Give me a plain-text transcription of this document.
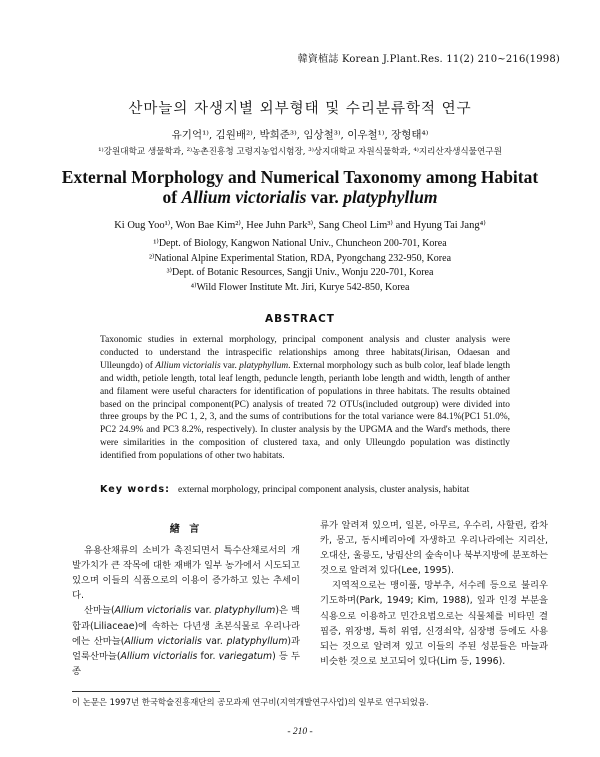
韓資植誌 Korean J.Plant.Res. 11(2) 210~216(1998)
산마늘의 자생지별 외부형태 및 수리분류학적 연구
유기억¹⁾, 김원배²⁾, 박희준³⁾, 임상철³⁾, 이우철¹⁾, 장형태⁴⁾
¹⁾강원대학교 생물학과, ²⁾농촌진흥청 고령지농업시험장, ³⁾상지대학교 자원식물학과, ⁴⁾지리산자생식물연구원
External Morphology and Numerical Taxonomy among Habitat
of Allium victorialis var. platyphyllum
Ki Oug Yoo¹⁾, Won Bae Kim²⁾, Hee Juhn Park³⁾, Sang Cheol Lim³⁾ and Hyung Tai Jang⁴⁾
¹⁾Dept. of Biology, Kangwon National Univ., Chuncheon 200-701, Korea
²⁾National Alpine Experimental Station, RDA, Pyongchang 232-950, Korea
³⁾Dept. of Botanic Resources, Sangji Univ., Wonju 220-701, Korea
⁴⁾Wild Flower Institute Mt. Jiri, Kurye 542-850, Korea
ABSTRACT
Taxonomic studies in external morphology, principal component analysis and cluster analysis were conducted to understand the intraspecific relationships among three habitats(Jirisan, Odaesan and Ulleungdo) of Allium victorialis var. platyphyllum. External morphology such as bulb color, leaf blade length and width, petiole length, total leaf length, peduncle length, perianth lobe length and width, length of anther and filament were useful characters for identification of populations in three habitats. The results obtained based on the principal component(PC) analysis of treated 72 OTUs(included outgroup) were divided into three groups by the PC 1, 2, 3, and the sums of contributions for the total variance were 84.1%(PC1 51.0%, PC2 24.9% and PC3 8.2%, respectively). In cluster analysis by the UPGMA and the Ward's methods, there were similarities in the composition of clustered taxa, and only Ulleungdo population was distinctly identified from populations of other two habitats.
Key words: external morphology, principal component analysis, cluster analysis, habitat
緖 言

유용산채류의 소비가 촉진되면서 특수산채로서의 개발가치가 큰 작목에 대한 재배가 일부 농가에서 시도되고 있으며 이들의 식품으로의 이용이 증가하고 있는 추세이다.

산마늘(Allium victorialis var. platyphyllum)은 백합과(Liliaceae)에 속하는 다년생 초본식물로 우리나라에는 산마늘(Allium victorialis var. platyphyllum)과 얼룩산마늘(Allium victorialis for. variegatum) 등 두 종

류가 알려져 있으며, 일본, 아무르, 우수리, 사할린, 캄차카, 몽고, 동시베리아에 자생하고 우리나라에는 지리산, 오대산, 울릉도, 낭림산의 숲속이나 북부지방에 분포하는 것으로 알려져 있다(Lee, 1995).

지역적으로는 맹이풀, 망부추, 서수레 등으로 불리우기도하며(Park, 1949; Kim, 1988), 잎과 인경 부분을 식용으로 이용하고 민간요법으로는 식물체를 비타민 결핍증, 위장병, 특히 위염, 신경쇠약, 심장병 등에도 사용되는 것으로 알려져 있고 이들의 주된 성분들은 마늘과 비슷한 것으로 보고되어 있다(Lim 등, 1996).

이 논문은 1997년 한국학술진흥재단의 공모과제 연구비(지역개발연구사업)의 일부로 연구되었음.
- 210 -
